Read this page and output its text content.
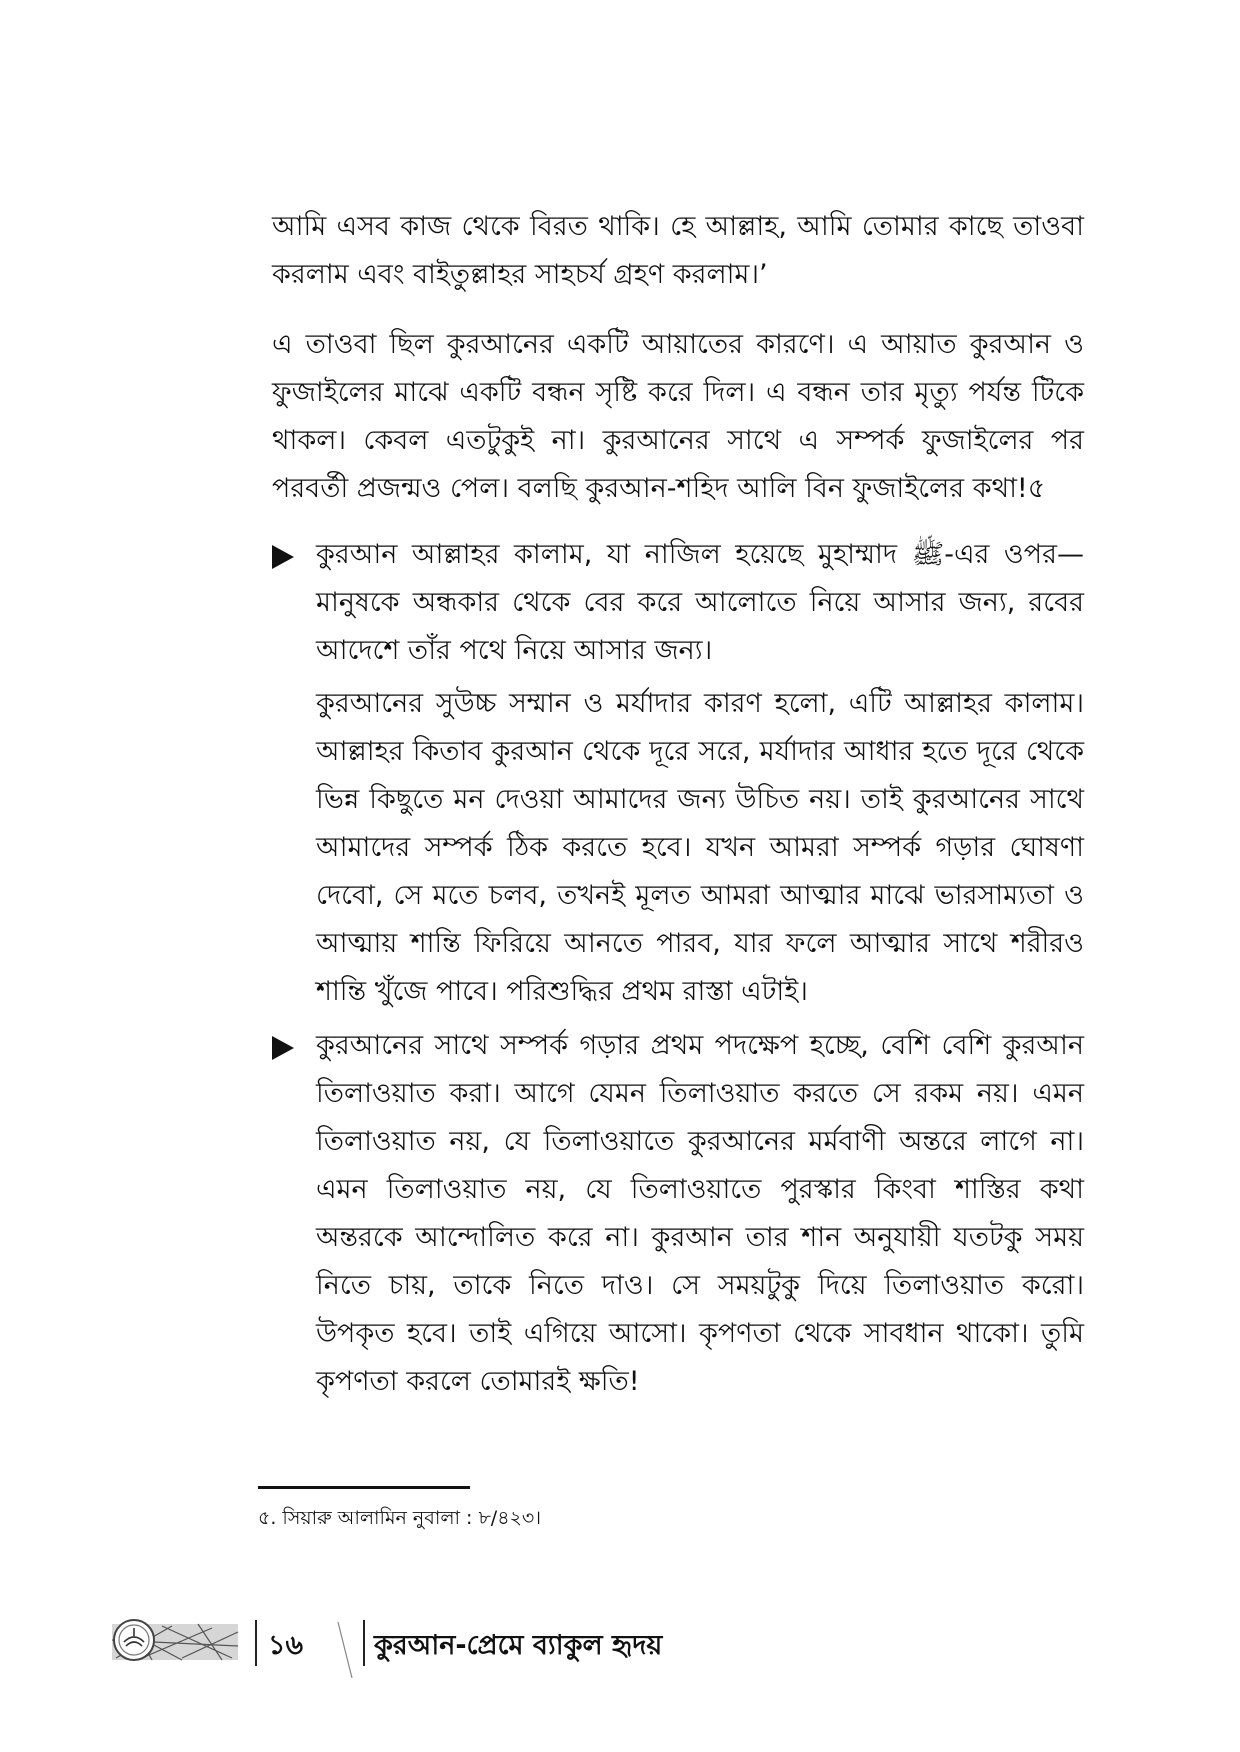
আমি এসব কাজ থেকে বিরত থাকি। হে আল্লাহ, আমি তোমার কাছে তাওবা করলাম এবং বাইতুল্লাহর সাহচর্য গ্রহণ করলাম।’

এ তাওবা ছিল কুরআনের একটি আয়াতের কারণে। এ আয়াত কুরআন ও ফুজাইলের মাঝে একটি বন্ধন সৃষ্টি করে দিল। এ বন্ধন তার মৃত্যু পর্যন্ত টিকে থাকল। কেবল এতটুকুই না। কুরআনের সাথে এ সম্পর্ক ফুজাইলের পর পরবর্তী প্রজন্মও পেল। বলছি কুরআন-শহিদ আলি বিন ফুজাইলের কথা!৫

কুরআন আল্লাহর কালাম, যা নাজিল হয়েছে মুহাম্মাদ ﷺ-এর ওপর—মানুষকে অন্ধকার থেকে বের করে আলোতে নিয়ে আসার জন্য, রবের আদেশে তাঁর পথে নিয়ে আসার জন্য।

কুরআনের সুউচ্চ সম্মান ও মর্যাদার কারণ হলো, এটি আল্লাহর কালাম। আল্লাহর কিতাব কুরআন থেকে দূরে সরে, মর্যাদার আধার হতে দূরে থেকে ভিন্ন কিছুতে মন দেওয়া আমাদের জন্য উচিত নয়। তাই কুরআনের সাথে আমাদের সম্পর্ক ঠিক করতে হবে। যখন আমরা সম্পর্ক গড়ার ঘোষণা দেবো, সে মতে চলব, তখনই মূলত আমরা আত্মার মাঝে ভারসাম্যতা ও আত্মায় শান্তি ফিরিয়ে আনতে পারব, যার ফলে আত্মার সাথে শরীরও শান্তি খুঁজে পাবে। পরিশুদ্ধির প্রথম রাস্তা এটাই।

কুরআনের সাথে সম্পর্ক গড়ার প্রথম পদক্ষেপ হচ্ছে, বেশি বেশি কুরআন তিলাওয়াত করা। আগে যেমন তিলাওয়াত করতে সে রকম নয়। এমন তিলাওয়াত নয়, যে তিলাওয়াতে কুরআনের মর্মবাণী অন্তরে লাগে না। এমন তিলাওয়াত নয়, যে তিলাওয়াতে পুরস্কার কিংবা শাস্তির কথা অন্তরকে আন্দোলিত করে না। কুরআন তার শান অনুযায়ী যতটকু সময় নিতে চায়, তাকে নিতে দাও। সে সময়টুকু দিয়ে তিলাওয়াত করো। উপকৃত হবে। তাই এগিয়ে আসো। কৃপণতা থেকে সাবধান থাকো। তুমি কৃপণতা করলে তোমারই ক্ষতি!

৫. সিয়ারু আলামিন নুবালা : ৮/৪২৩।

১৬	কুরআন-প্রেমে ব্যাকুল হৃদয়
